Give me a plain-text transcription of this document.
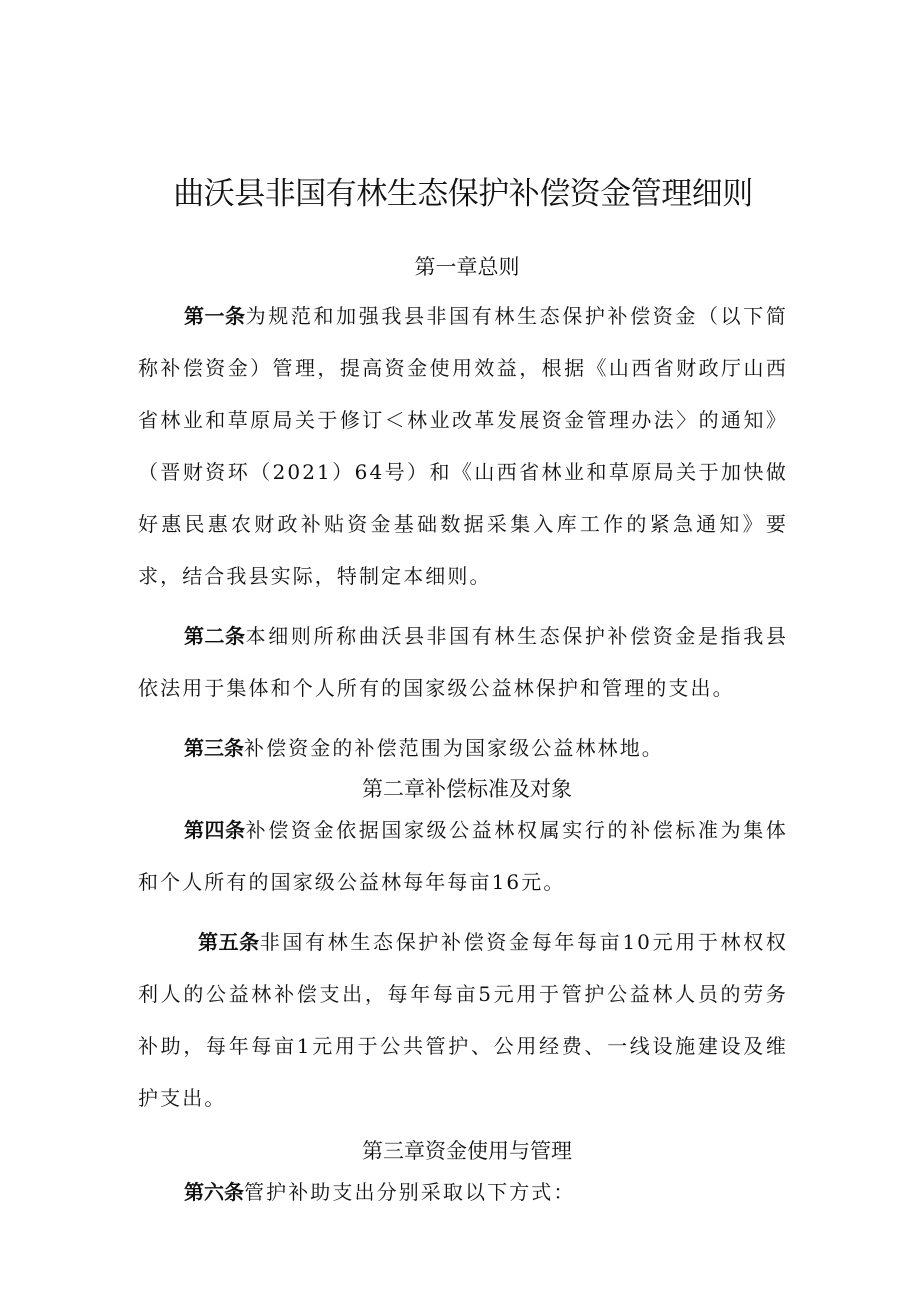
曲沃县非国有林生态保护补偿资金管理细则
第一章总则

第一条为规范和加强我县非国有林生态保护补偿资金（以下简称补偿资金）管理，提高资金使用效益，根据《山西省财政厅山西省林业和草原局关于修订＜林业改革发展资金管理办法〉的通知》（晋财资环（2021）64号）和《山西省林业和草原局关于加快做好惠民惠农财政补贴资金基础数据采集入库工作的紧急通知》要求，结合我县实际，特制定本细则。

第二条本细则所称曲沃县非国有林生态保护补偿资金是指我县依法用于集体和个人所有的国家级公益林保护和管理的支出。

第三条补偿资金的补偿范围为国家级公益林林地。

第二章补偿标准及对象

第四条补偿资金依据国家级公益林权属实行的补偿标准为集体和个人所有的国家级公益林每年每亩16元。

第五条非国有林生态保护补偿资金每年每亩10元用于林权权利人的公益林补偿支出，每年每亩5元用于管护公益林人员的劳务补助，每年每亩1元用于公共管护、公用经费、一线设施建设及维护支出。

第三章资金使用与管理

第六条管护补助支出分别采取以下方式：
